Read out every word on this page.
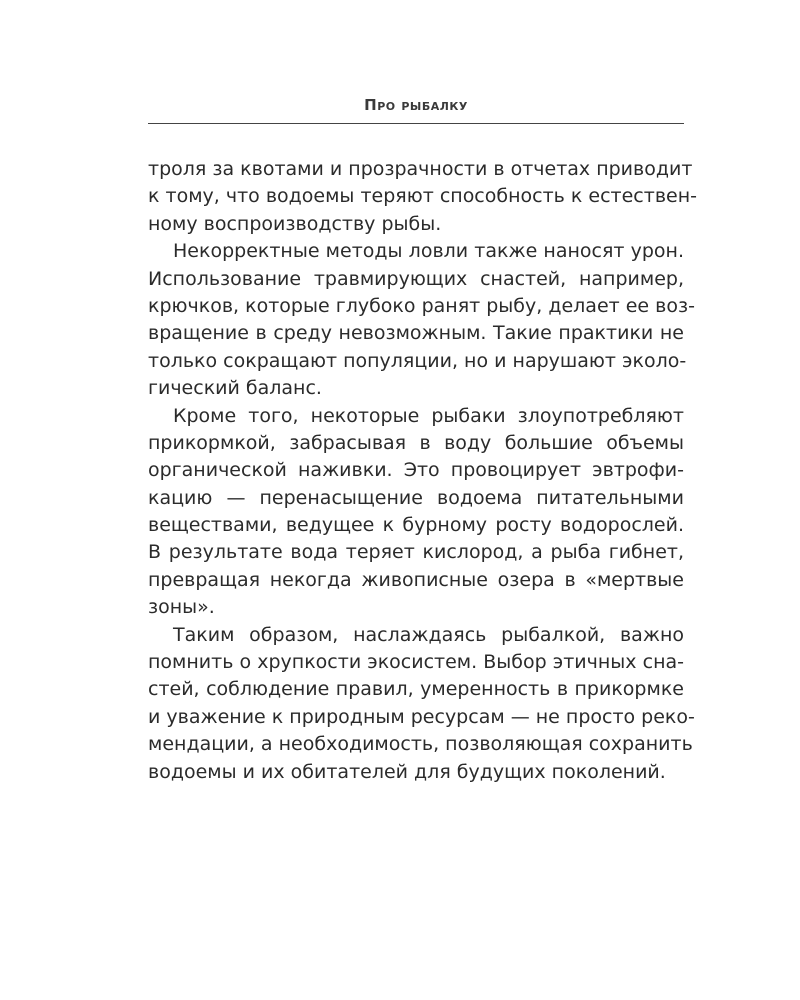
Про рыбалку
троля за квотами и прозрачности в отчетах приводит
к тому, что водоемы теряют способность к естествен-
ному воспроизводству рыбы.
Некорректные методы ловли также наносят урон.
Использование травмирующих снастей, например,
крючков, которые глубоко ранят рыбу, делает ее воз-
вращение в среду невозможным. Такие практики не
только сокращают популяции, но и нарушают эколо-
гический баланс.
Кроме того, некоторые рыбаки злоупотребляют
прикормкой, забрасывая в воду большие объемы
органической наживки. Это провоцирует эвтрофи-
кацию — перенасыщение водоема питательными
веществами, ведущее к бурному росту водорослей.
В результате вода теряет кислород, а рыба гибнет,
превращая некогда живописные озера в «мертвые
зоны».
Таким образом, наслаждаясь рыбалкой, важно
помнить о хрупкости экосистем. Выбор этичных сна-
стей, соблюдение правил, умеренность в прикормке
и уважение к природным ресурсам — не просто реко-
мендации, а необходимость, позволяющая сохранить
водоемы и их обитателей для будущих поколений.
